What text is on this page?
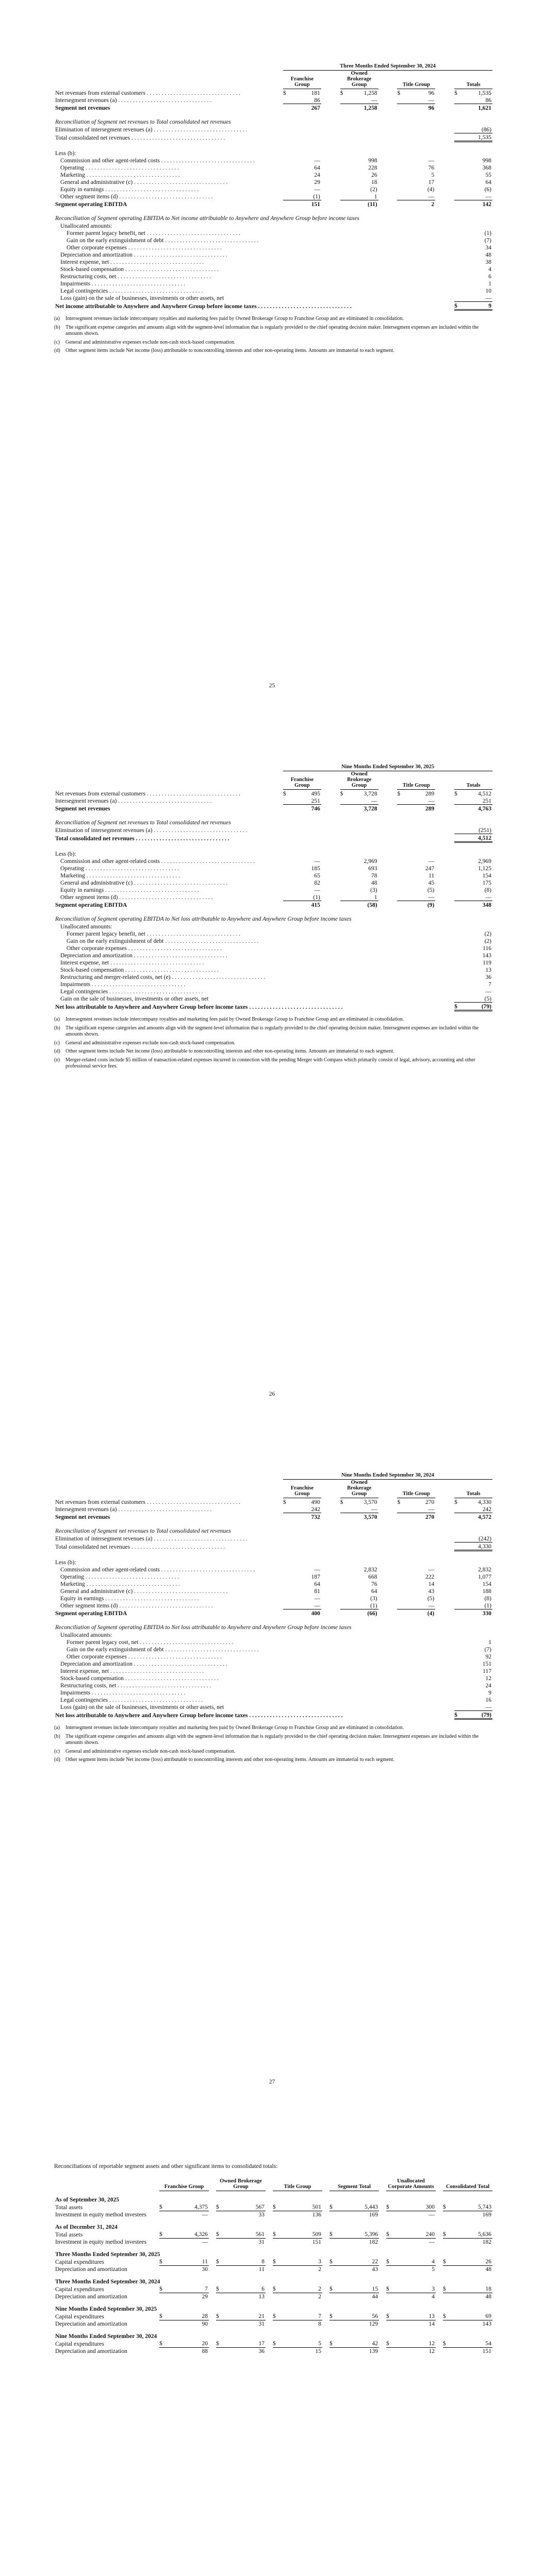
	Three Months Ended September 30, 2024										
	Franchise Group			Owned Brokerage Group			Title Group			Totals	
Net revenues from external customers . . . . . . . . . . . . . . . . . . . . . . . . . . . . . . . .	$	181		$	1,258		$	96		$	1,535
Intersegment revenues (a) . . . . . . . . . . . . . . . . . . . . . . . . . . . . . . . .		86			—			—			86
Segment net revenues		267			1,258			96			1,621

Reconciliation of Segment net revenues to Total consolidated net revenues											
Elimination of intersegment revenues (a) . . . . . . . . . . . . . . . . . . . . . . . . . . . . . . . .											(86)
Total consolidated net revenues . . . . . . . . . . . . . . . . . . . . . . . . . . . . . . . .											1,535

Less (b):											
Commission and other agent-related costs . . . . . . . . . . . . . . . . . . . . . . . . . . . . . . . .		—			998			—			998
Operating . . . . . . . . . . . . . . . . . . . . . . . . . . . . . . . .		64			228			76			368
Marketing . . . . . . . . . . . . . . . . . . . . . . . . . . . . . . . .		24			26			5			55
General and administrative (c) . . . . . . . . . . . . . . . . . . . . . . . . . . . . . . . .		29			18			17			64
Equity in earnings . . . . . . . . . . . . . . . . . . . . . . . . . . . . . . . .		—			(2)			(4)			(6)
Other segment items (d) . . . . . . . . . . . . . . . . . . . . . . . . . . . . . . . .		(1)			1			—			—
Segment operating EBITDA		151			(11)			2			142

Reconciliation of Segment operating EBITDA to Net income attributable to Anywhere and Anywhere Group before income taxes											
Unallocated amounts:											
Former parent legacy benefit, net . . . . . . . . . . . . . . . . . . . . . . . . . . . . . . . .											(1)
Gain on the early extinguishment of debt . . . . . . . . . . . . . . . . . . . . . . . . . . . . . . . .											(7)
Other corporate expenses . . . . . . . . . . . . . . . . . . . . . . . . . . . . . . . .											34
Depreciation and amortization . . . . . . . . . . . . . . . . . . . . . . . . . . . . . . . .											48
Interest expense, net . . . . . . . . . . . . . . . . . . . . . . . . . . . . . . . .											38
Stock-based compensation . . . . . . . . . . . . . . . . . . . . . . . . . . . . . . . .											4
Restructuring costs, net . . . . . . . . . . . . . . . . . . . . . . . . . . . . . . . .											6
Impairments . . . . . . . . . . . . . . . . . . . . . . . . . . . . . . . .											1
Legal contingencies . . . . . . . . . . . . . . . . . . . . . . . . . . . . . . . .											10
Loss (gain) on the sale of businesses, investments or other assets, net											—
Net income attributable to Anywhere and Anywhere Group before income taxes . . . . . . . . . . . . . . . . . . . . . . . . . . . . . . . .										$	9
(a)	Intersegment revenues include intercompany royalties and marketing fees paid by Owned Brokerage Group to Franchise Group and are eliminated in consolidation.
(b)	The significant expense categories and amounts align with the segment-level information that is regularly provided to the chief operating decision maker. Intersegment expenses are included within the amounts shown.
(c)	General and administrative expenses exclude non-cash stock-based compensation.
(d)	Other segment items include Net income (loss) attributable to noncontrolling interests and other non-operating items. Amounts are immaterial to each segment.
25
	Nine Months Ended September 30, 2025										
	Franchise Group			Owned Brokerage Group			Title Group			Totals	
Net revenues from external customers . . . . . . . . . . . . . . . . . . . . . . . . . . . . . . . .	$	495		$	3,728		$	289		$	4,512
Intersegment revenues (a) . . . . . . . . . . . . . . . . . . . . . . . . . . . . . . . .		251			—			—			251
Segment net revenues		746			3,728			289			4,763

Reconciliation of Segment net revenues to Total consolidated net revenues											
Elimination of intersegment revenues (a) . . . . . . . . . . . . . . . . . . . . . . . . . . . . . . . .											(251)
Total consolidated net revenues . . . . . . . . . . . . . . . . . . . . . . . . . . . . . . . .											4,512

Less (b):											
Commission and other agent-related costs . . . . . . . . . . . . . . . . . . . . . . . . . . . . . . . .		—			2,969			—			2,969
Operating . . . . . . . . . . . . . . . . . . . . . . . . . . . . . . . .		185			693			247			1,125
Marketing . . . . . . . . . . . . . . . . . . . . . . . . . . . . . . . .		65			78			11			154
General and administrative (c) . . . . . . . . . . . . . . . . . . . . . . . . . . . . . . . .		82			48			45			175
Equity in earnings . . . . . . . . . . . . . . . . . . . . . . . . . . . . . . . .		—			(3)			(5)			(8)
Other segment items (d) . . . . . . . . . . . . . . . . . . . . . . . . . . . . . . . .		(1)			1			—			—
Segment operating EBITDA		415			(58)			(9)			348

Reconciliation of Segment operating EBITDA to Net loss attributable to Anywhere and Anywhere Group before income taxes											
Unallocated amounts:											
Former parent legacy benefit, net . . . . . . . . . . . . . . . . . . . . . . . . . . . . . . . .											(2)
Gain on the early extinguishment of debt . . . . . . . . . . . . . . . . . . . . . . . . . . . . . . . .											(2)
Other corporate expenses . . . . . . . . . . . . . . . . . . . . . . . . . . . . . . . .											116
Depreciation and amortization . . . . . . . . . . . . . . . . . . . . . . . . . . . . . . . .											143
Interest expense, net . . . . . . . . . . . . . . . . . . . . . . . . . . . . . . . .											119
Stock-based compensation . . . . . . . . . . . . . . . . . . . . . . . . . . . . . . . .											13
Restructuring and merger-related costs, net (e) . . . . . . . . . . . . . . . . . . . . . . . . . . . . . . . .											36
Impairments . . . . . . . . . . . . . . . . . . . . . . . . . . . . . . . .											7
Legal contingencies . . . . . . . . . . . . . . . . . . . . . . . . . . . . . . . .											—
Gain on the sale of businesses, investments or other assets, net											(5)
Net loss attributable to Anywhere and Anywhere Group before income taxes . . . . . . . . . . . . . . . . . . . . . . . . . . . . . . . .										$	(79)
(a)	Intersegment revenues include intercompany royalties and marketing fees paid by Owned Brokerage Group to Franchise Group and are eliminated in consolidation.
(b)	The significant expense categories and amounts align with the segment-level information that is regularly provided to the chief operating decision maker. Intersegment expenses are included within the amounts shown.
(c)	General and administrative expenses exclude non-cash stock-based compensation.
(d)	Other segment items include Net income (loss) attributable to noncontrolling interests and other non-operating items. Amounts are immaterial to each segment.
(e)	Merger-related costs include $5 million of transaction-related expenses incurred in connection with the pending Merger with Compass which primarily consist of legal, advisory, accounting and other professional service fees.
26
	Nine Months Ended September 30, 2024										
	Franchise Group			Owned Brokerage Group			Title Group			Totals	
Net revenues from external customers . . . . . . . . . . . . . . . . . . . . . . . . . . . . . . . .	$	490		$	3,570		$	270		$	4,330
Intersegment revenues (a) . . . . . . . . . . . . . . . . . . . . . . . . . . . . . . . .		242			—			—			242
Segment net revenues		732			3,570			270			4,572

Reconciliation of Segment net revenues to Total consolidated net revenues											
Elimination of intersegment revenues (a) . . . . . . . . . . . . . . . . . . . . . . . . . . . . . . . .											(242)
Total consolidated net revenues . . . . . . . . . . . . . . . . . . . . . . . . . . . . . . . .											4,330

Less (b):											
Commission and other agent-related costs . . . . . . . . . . . . . . . . . . . . . . . . . . . . . . . .		—			2,832			—			2,832
Operating . . . . . . . . . . . . . . . . . . . . . . . . . . . . . . . .		187			668			222			1,077
Marketing . . . . . . . . . . . . . . . . . . . . . . . . . . . . . . . .		64			76			14			154
General and administrative (c) . . . . . . . . . . . . . . . . . . . . . . . . . . . . . . . .		81			64			43			188
Equity in earnings . . . . . . . . . . . . . . . . . . . . . . . . . . . . . . . .		—			(3)			(5)			(8)
Other segment items (d) . . . . . . . . . . . . . . . . . . . . . . . . . . . . . . . .		—			(1)			—			(1)
Segment operating EBITDA		400			(66)			(4)			330

Reconciliation of Segment operating EBITDA to Net loss attributable to Anywhere and Anywhere Group before income taxes											
Unallocated amounts:											
Former parent legacy cost, net . . . . . . . . . . . . . . . . . . . . . . . . . . . . . . . .											1
Gain on the early extinguishment of debt . . . . . . . . . . . . . . . . . . . . . . . . . . . . . . . .											(7)
Other corporate expenses . . . . . . . . . . . . . . . . . . . . . . . . . . . . . . . .											92
Depreciation and amortization . . . . . . . . . . . . . . . . . . . . . . . . . . . . . . . .											151
Interest expense, net . . . . . . . . . . . . . . . . . . . . . . . . . . . . . . . .											117
Stock-based compensation . . . . . . . . . . . . . . . . . . . . . . . . . . . . . . . .											12
Restructuring costs, net . . . . . . . . . . . . . . . . . . . . . . . . . . . . . . . .											24
Impairments . . . . . . . . . . . . . . . . . . . . . . . . . . . . . . . .											9
Legal contingencies . . . . . . . . . . . . . . . . . . . . . . . . . . . . . . . .											16
Loss (gain) on the sale of businesses, investments or other assets, net											—
Net loss attributable to Anywhere and Anywhere Group before income taxes . . . . . . . . . . . . . . . . . . . . . . . . . . . . . . . .										$	(79)
(a)	Intersegment revenues include intercompany royalties and marketing fees paid by Owned Brokerage Group to Franchise Group and are eliminated in consolidation.
(b)	The significant expense categories and amounts align with the segment-level information that is regularly provided to the chief operating decision maker. Intersegment expenses are included within the amounts shown.
(c)	General and administrative expenses exclude non-cash stock-based compensation.
(d)	Other segment items include Net income (loss) attributable to noncontrolling interests and other non-operating items. Amounts are immaterial to each segment.
27
Reconciliations of reportable segment assets and other significant items to consolidated totals:
	Franchise Group			Owned Brokerage Group			Title Group			Segment Total			Unallocated Corporate Amounts			Consolidated Total	
As of September 30, 2025																	
Total assets	$	4,375		$	567		$	501		$	5,443		$	300		$	5,743
Investment in equity method investees		—			33			136			169			—			169
As of December 31, 2024																	
Total assets	$	4,326		$	561		$	509		$	5,396		$	240		$	5,636
Investment in equity method investees		—			31			151			182			—			182
Three Months Ended September 30, 2025																	
Capital expenditures	$	11		$	8		$	3		$	22		$	4		$	26
Depreciation and amortization		30			11			2			43			5			48
Three Months Ended September 30, 2024																	
Capital expenditures	$	7		$	6		$	2		$	15		$	3		$	18
Depreciation and amortization		29			13			2			44			4			48
Nine Months Ended September 30, 2025																	
Capital expenditures	$	28		$	21		$	7		$	56		$	13		$	69
Depreciation and amortization		90			31			8			129			14			143
Nine Months Ended September 30, 2024																	
Capital expenditures	$	20		$	17		$	5		$	42		$	12		$	54
Depreciation and amortization		88			36			15			139			12			151
